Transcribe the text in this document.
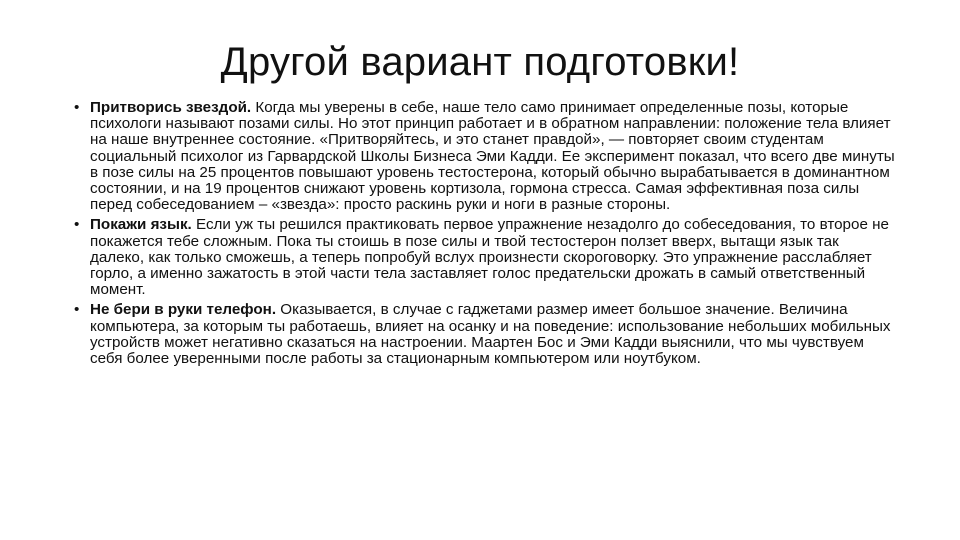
Другой вариант подготовки!
• Притворись звездой. Когда мы уверены в себе, наше тело само принимает определенные позы, которые психологи называют позами силы. Но этот принцип работает и в обратном направлении: положение тела влияет на наше внутреннее состояние. «Притворяйтесь, и это станет правдой», — повторяет своим студентам социальный психолог из Гарвардской Школы Бизнеса Эми Кадди. Ее эксперимент показал, что всего две минуты в позе силы на 25 процентов повышают уровень тестостерона, который обычно вырабатывается в доминантном состоянии, и на 19 процентов снижают уровень кортизола, гормона стресса. Самая эффективная поза силы перед собеседованием – «звезда»: просто раскинь руки и ноги в разные стороны.
• Покажи язык. Если уж ты решился практиковать первое упражнение незадолго до собеседования, то второе не покажется тебе сложным. Пока ты стоишь в позе силы и твой тестостерон ползет вверх, вытащи язык так далеко, как только сможешь, а теперь попробуй вслух произнести скороговорку. Это упражнение расслабляет горло, а именно зажатость в этой части тела заставляет голос предательски дрожать в самый ответственный момент.
• Не бери в руки телефон. Оказывается, в случае с гаджетами размер имеет большое значение. Величина компьютера, за которым ты работаешь, влияет на осанку и на поведение: использование небольших мобильных устройств может негативно сказаться на настроении. Маартен Бос и Эми Кадди выяснили, что мы чувствуем себя более уверенными после работы за стационарным компьютером или ноутбуком.
